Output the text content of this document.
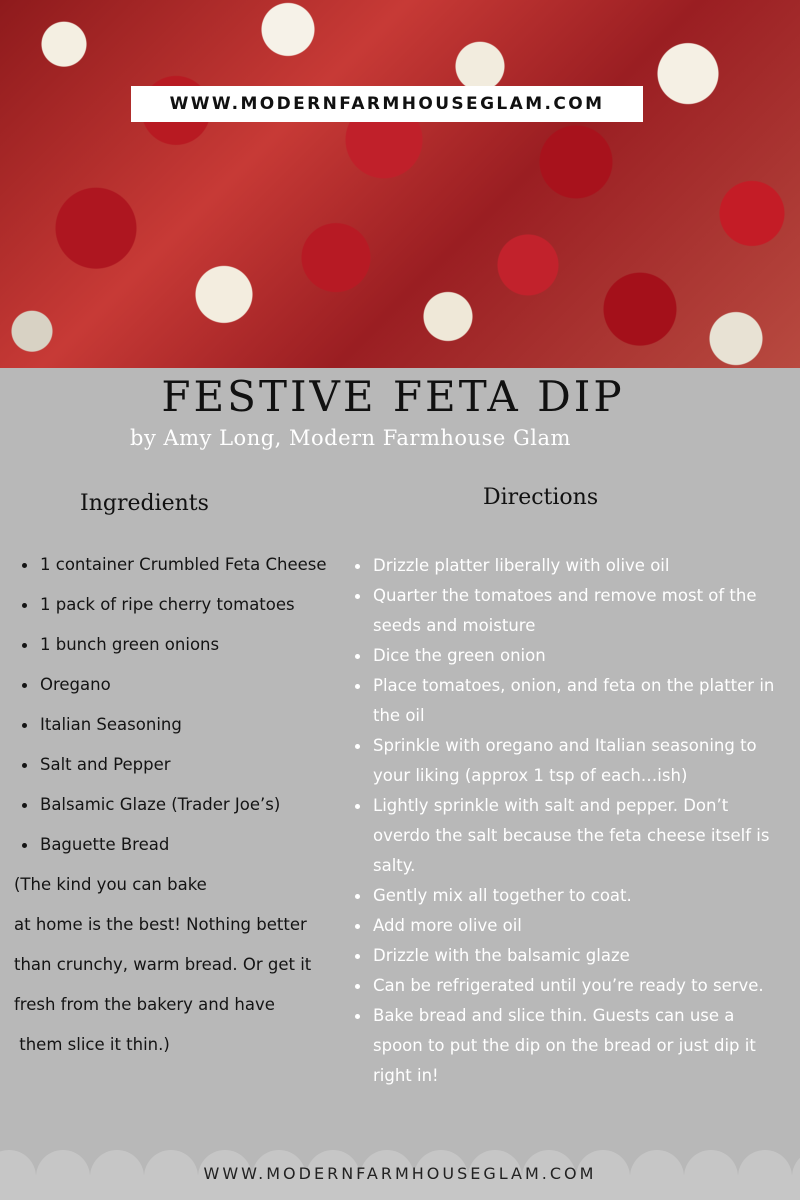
WWW.MODERNFARMHOUSEGLAM.COM
FESTIVE FETA DIP
by Amy Long, Modern Farmhouse Glam
Ingredients	Directions
1 container Crumbled Feta Cheese
1 pack of ripe cherry tomatoes
1 bunch green onions
Oregano
Italian Seasoning
Salt and Pepper
Balsamic Glaze (Trader Joe’s)
Baguette Bread
(The kind you can bake
at home is the best! Nothing better
than crunchy, warm bread. Or get it
fresh from the bakery and have
them slice it thin.)
Drizzle platter liberally with olive oil
Quarter the tomatoes and remove most of the seeds and moisture
Dice the green onion
Place tomatoes, onion, and feta on the platter in the oil
Sprinkle with oregano and Italian seasoning to your liking (approx 1 tsp of each…ish)
Lightly sprinkle with salt and pepper. Don’t overdo the salt because the feta cheese itself is salty.
Gently mix all together to coat.
Add more olive oil
Drizzle with the balsamic glaze
Can be refrigerated until you’re ready to serve.
Bake bread and slice thin. Guests can use a spoon to put the dip on the bread or just dip it right in!
WWW.MODERNFARMHOUSEGLAM.COM
